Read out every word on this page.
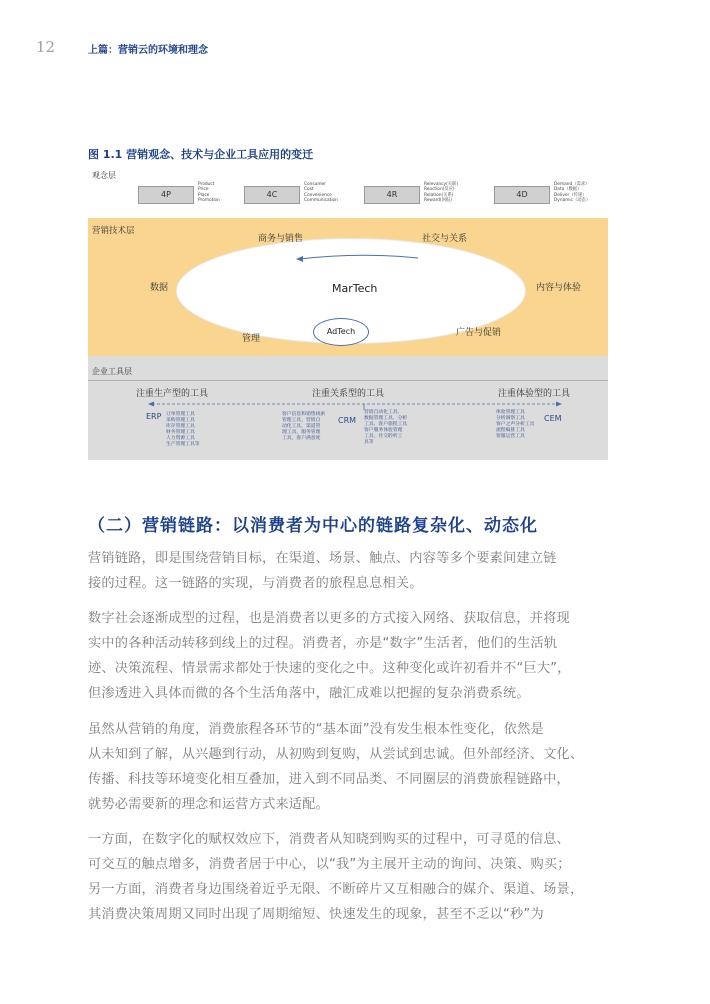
12	上篇：营销云的环境和理念
图 1.1 营销观念、技术与企业工具应用的变迁
观念层
4P
Product
Price
Place
Promotion
4C
Consumer
Cost
Convenience
Communication
4R
Relevancy(关联)
Reaction(反应)
Relation(关系)
Reward(回报)
4D
Demand（需求）
Data（数据）
Deliver（传递）
Dynamic（动态）
营销技术层
商务与销售	社交与关系
数据	内容与体验
管理
广告与促销
MarTech
AdTech
企业工具层
注重生产型的工具	注重关系型的工具	注重体验型的工具
ERP 订单管理工具
采购管理工具
库存管理工具
财务管理工具
人力资源工具
生产管理工具等
客户信息和销售线索
管理工具，营销自
动化工具，渠道管
理工具，服务管理
工具，客户满意度
CRM
营销自动化工具、
数据管理工具、分析
工具、客户旅程工具
客户服务体验管理
工具、社交聆听工
具等
体验管理工具
分析洞察工具
客户之声分析工具
流程编排工具
客服运营工具
CEM
（二）营销链路：以消费者为中心的链路复杂化、动态化
营销链路，即是围绕营销目标，在渠道、场景、触点、内容等多个要素间建立链
接的过程。这一链路的实现，与消费者的旅程息息相关。
数字社会逐渐成型的过程，也是消费者以更多的方式接入网络、获取信息，并将现
实中的各种活动转移到线上的过程。消费者，亦是“数字”生活者，他们的生活轨
迹、决策流程、情景需求都处于快速的变化之中。这种变化或许初看并不“巨大”，
但渗透进入具体而微的各个生活角落中，融汇成难以把握的复杂消费系统。
虽然从营销的角度，消费旅程各环节的“基本面”没有发生根本性变化，依然是
从未知到了解，从兴趣到行动，从初购到复购，从尝试到忠诚。但外部经济、文化、
传播、科技等环境变化相互叠加，进入到不同品类、不同圈层的消费旅程链路中，
就势必需要新的理念和运营方式来适配。
一方面，在数字化的赋权效应下，消费者从知晓到购买的过程中，可寻觅的信息、
可交互的触点增多，消费者居于中心，以“我”为主展开主动的询问、决策、购买；
另一方面，消费者身边围绕着近乎无限、不断碎片又互相融合的媒介、渠道、场景，
其消费决策周期又同时出现了周期缩短、快速发生的现象，甚至不乏以“秒”为
